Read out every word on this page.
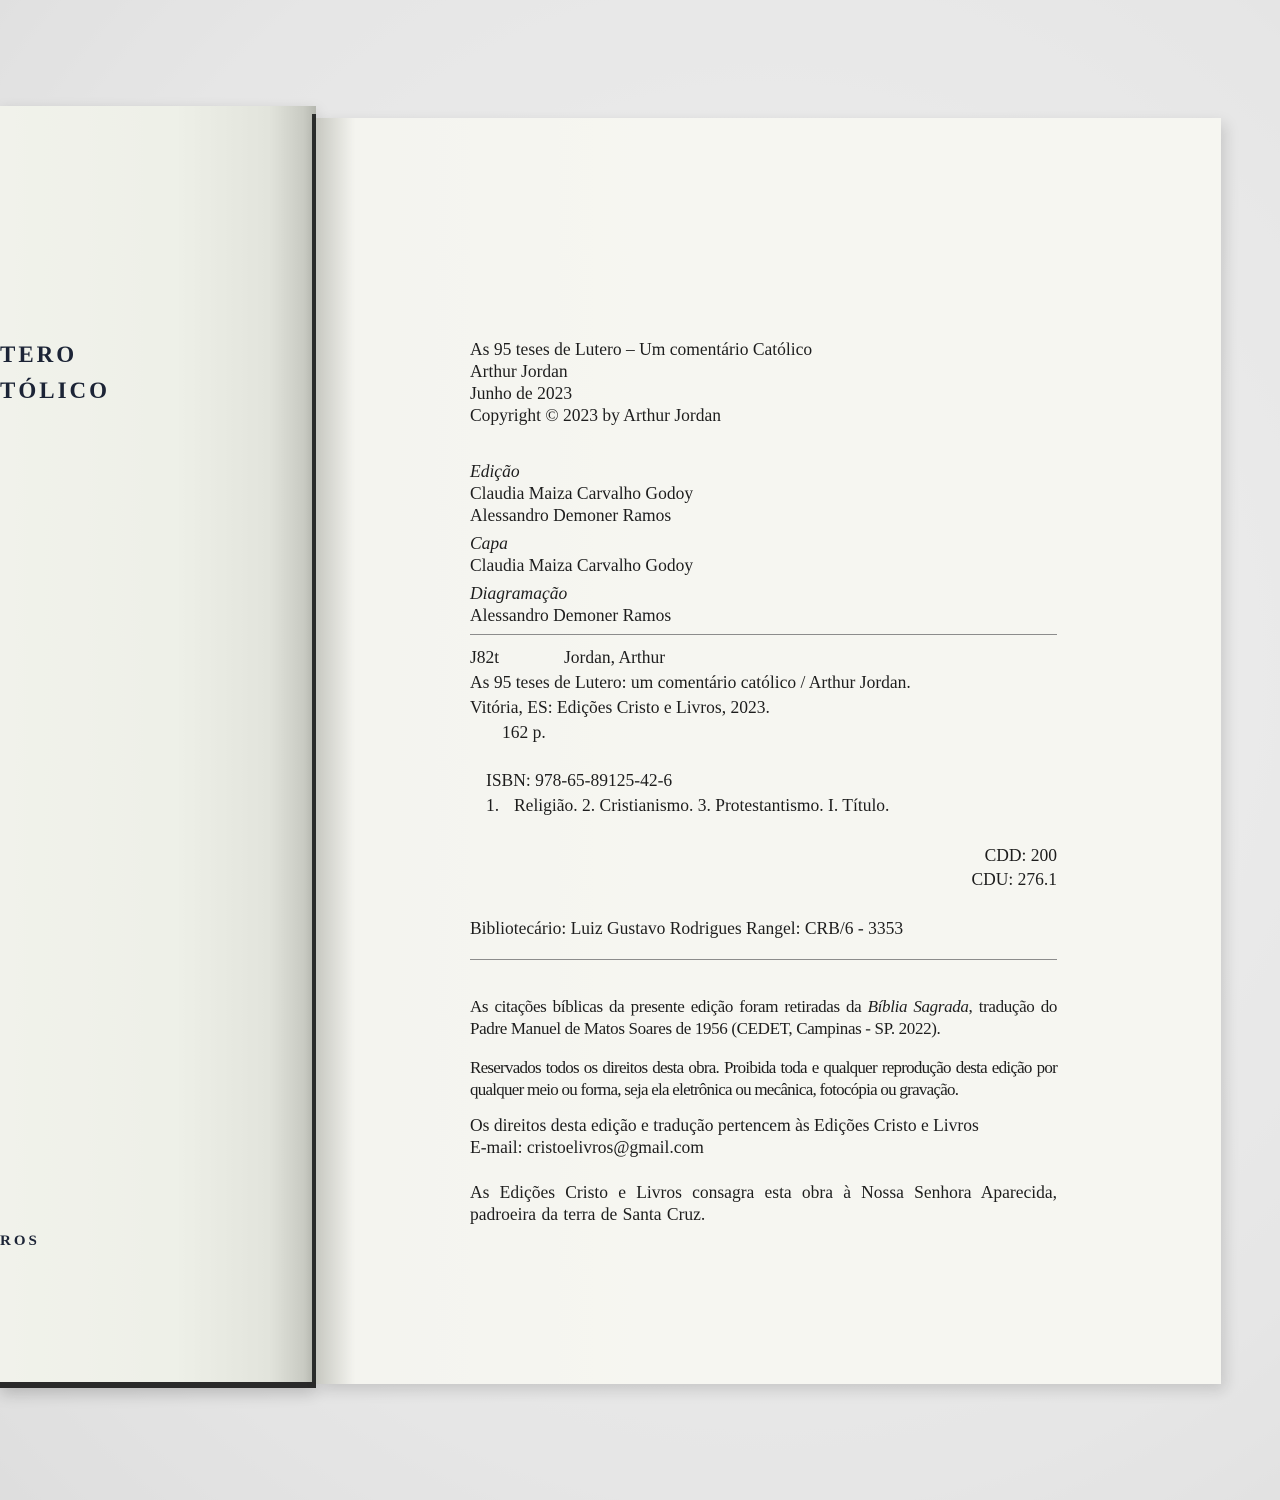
TERO
TÓLICO
ROS
As 95 teses de Lutero – Um comentário Católico
Arthur Jordan
Junho de 2023
Copyright © 2023 by Arthur Jordan
Edição
Claudia Maiza Carvalho Godoy
Alessandro Demoner Ramos
Capa
Claudia Maiza Carvalho Godoy
Diagramação
Alessandro Demoner Ramos
J82t	Jordan, Arthur
As 95 teses de Lutero: um comentário católico / Arthur Jordan.
Vitória, ES: Edições Cristo e Livros, 2023.
162 p.
ISBN: 978-65-89125-42-6
1. Religião. 2. Cristianismo. 3. Protestantismo. I. Título.
CDD: 200
CDU: 276.1
Bibliotecário: Luiz Gustavo Rodrigues Rangel: CRB/6 - 3353

As citações bíblicas da presente edição foram retiradas da Bíblia Sagrada, tradução do Padre Manuel de Matos Soares de 1956 (CEDET, Campinas - SP. 2022).

Reservados todos os direitos desta obra. Proibida toda e qualquer reprodução desta edição por qualquer meio ou forma, seja ela eletrônica ou mecânica, fotocópia ou gravação.

Os direitos desta edição e tradução pertencem às Edições Cristo e Livros
E-mail: cristoelivros@gmail.com

As Edições Cristo e Livros consagra esta obra à Nossa Senhora Aparecida, padroeira da terra de Santa Cruz.
